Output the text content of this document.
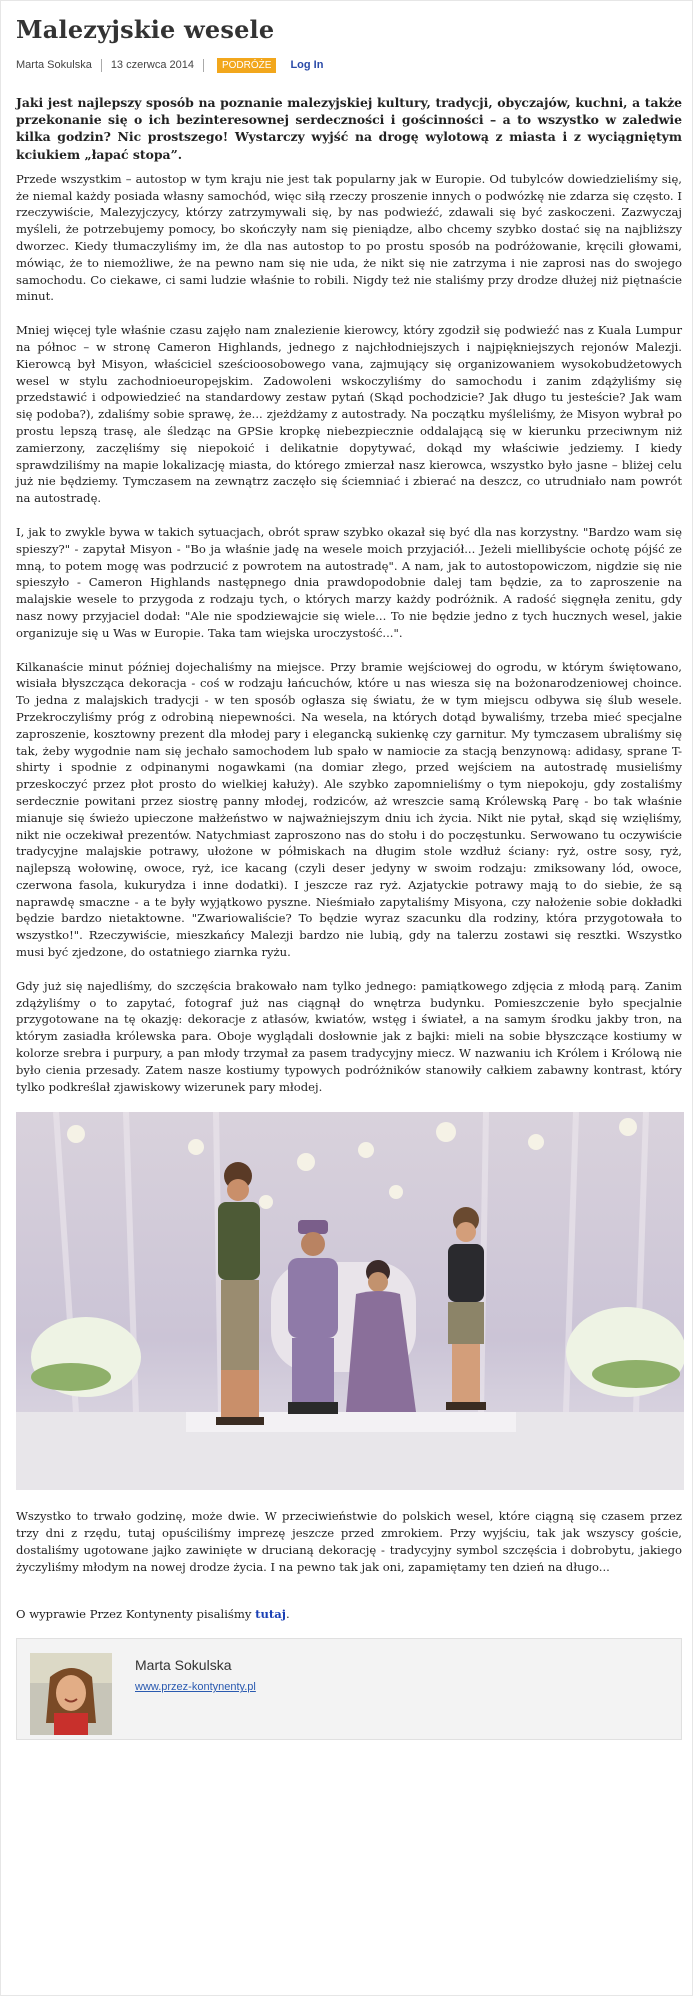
Malezyjskie wesele
Marta Sokulska 13 czerwca 2014	PODRÓŻE	Log In

Jaki jest najlepszy sposób na poznanie malezyjskiej kultury, tradycji, obyczajów, kuchni, a także przekonanie się o ich bezinteresownej serdeczności i gościnności – a to wszystko w zaledwie kilka godzin? Nic prostszego! Wystarczy wyjść na drogę wylotową z miasta i z wyciągniętym kciukiem „łapać stopa”.

Przede wszystkim – autostop w tym kraju nie jest tak popularny jak w Europie. Od tubylców dowiedzieliśmy się, że niemal każdy posiada własny samochód, więc siłą rzeczy proszenie innych o podwózkę nie zdarza się często. I rzeczywiście, Malezyjczycy, którzy zatrzymywali się, by nas podwieźć, zdawali się być zaskoczeni. Zazwyczaj myśleli, że potrzebujemy pomocy, bo skończyły nam się pieniądze, albo chcemy szybko dostać się na najbliższy dworzec. Kiedy tłumaczyliśmy im, że dla nas autostop to po prostu sposób na podróżowanie, kręcili głowami, mówiąc, że to niemożliwe, że na pewno nam się nie uda, że nikt się nie zatrzyma i nie zaprosi nas do swojego samochodu. Co ciekawe, ci sami ludzie właśnie to robili. Nigdy też nie staliśmy przy drodze dłużej niż piętnaście minut.

Mniej więcej tyle właśnie czasu zajęło nam znalezienie kierowcy, który zgodził się podwieźć nas z Kuala Lumpur na północ – w stronę Cameron Highlands, jednego z najchłodniejszych i najpiękniejszych rejonów Malezji. Kierowcą był Misyon, właściciel sześcioosobowego vana, zajmujący się organizowaniem wysokobudżetowych wesel w stylu zachodnioeuropejskim. Zadowoleni wskoczyliśmy do samochodu i zanim zdążyliśmy się przedstawić i odpowiedzieć na standardowy zestaw pytań (Skąd pochodzicie? Jak długo tu jesteście? Jak wam się podoba?), zdaliśmy sobie sprawę, że... zjeżdżamy z autostrady. Na początku myśleliśmy, że Misyon wybrał po prostu lepszą trasę, ale śledząc na GPSie kropkę niebezpiecznie oddalającą się w kierunku przeciwnym niż zamierzony, zaczęliśmy się niepokoić i delikatnie dopytywać, dokąd my właściwie jedziemy. I kiedy sprawdziliśmy na mapie lokalizację miasta, do którego zmierzał nasz kierowca, wszystko było jasne – bliżej celu już nie będziemy. Tymczasem na zewnątrz zaczęło się ściemniać i zbierać na deszcz, co utrudniało nam powrót na autostradę.

I, jak to zwykle bywa w takich sytuacjach, obrót spraw szybko okazał się być dla nas korzystny. "Bardzo wam się spieszy?" - zapytał Misyon - "Bo ja właśnie jadę na wesele moich przyjaciół... Jeżeli miellibyście ochotę pójść ze mną, to potem mogę was podrzucić z powrotem na autostradę". A nam, jak to autostopowiczom, nigdzie się nie spieszyło - Cameron Highlands następnego dnia prawdopodobnie dalej tam będzie, za to zaproszenie na malajskie wesele to przygoda z rodzaju tych, o których marzy każdy podróżnik. A radość sięgnęła zenitu, gdy nasz nowy przyjaciel dodał: "Ale nie spodziewajcie się wiele... To nie będzie jedno z tych hucznych wesel, jakie organizuje się u Was w Europie. Taka tam wiejska uroczystość...".

Kilkanaście minut później dojechaliśmy na miejsce. Przy bramie wejściowej do ogrodu, w którym świętowano, wisiała błyszcząca dekoracja - coś w rodzaju łańcuchów, które u nas wiesza się na bożonarodzeniowej choince. To jedna z malajskich tradycji - w ten sposób ogłasza się światu, że w tym miejscu odbywa się ślub wesele. Przekroczyliśmy próg z odrobiną niepewności. Na wesela, na których dotąd bywaliśmy, trzeba mieć specjalne zaproszenie, kosztowny prezent dla młodej pary i elegancką sukienkę czy garnitur. My tymczasem ubraliśmy się tak, żeby wygodnie nam się jechało samochodem lub spało w namiocie za stacją benzynową: adidasy, sprane T-shirty i spodnie z odpinanymi nogawkami (na domiar złego, przed wejściem na autostradę musieliśmy przeskoczyć przez płot prosto do wielkiej kałuży). Ale szybko zapomnieliśmy o tym niepokoju, gdy zostaliśmy serdecznie powitani przez siostrę panny młodej, rodziców, aż wreszcie samą Królewską Parę - bo tak właśnie mianuje się świeżo upieczone małżeństwo w najważniejszym dniu ich życia. Nikt nie pytał, skąd się wzięliśmy, nikt nie oczekiwał prezentów. Natychmiast zaproszono nas do stołu i do poczęstunku. Serwowano tu oczywiście tradycyjne malajskie potrawy, ułożone w półmiskach na długim stole wzdłuż ściany: ryż, ostre sosy, ryż, najlepszą wołowinę, owoce, ryż, ice kacang (czyli deser jedyny w swoim rodzaju: zmiksowany lód, owoce, czerwona fasola, kukurydza i inne dodatki). I jeszcze raz ryż. Azjatyckie potrawy mają to do siebie, że są naprawdę smaczne - a te były wyjątkowo pyszne. Nieśmiało zapytaliśmy Misyona, czy nałożenie sobie dokładki będzie bardzo nietaktowne. "Zwariowaliście? To będzie wyraz szacunku dla rodziny, która przygotowała to wszystko!". Rzeczywiście, mieszkańcy Malezji bardzo nie lubią, gdy na talerzu zostawi się resztki. Wszystko musi być zjedzone, do ostatniego ziarnka ryżu.

Gdy już się najedliśmy, do szczęścia brakowało nam tylko jednego: pamiątkowego zdjęcia z młodą parą. Zanim zdążyliśmy o to zapytać, fotograf już nas ciągnął do wnętrza budynku. Pomieszczenie było specjalnie przygotowane na tę okazję: dekoracje z atłasów, kwiatów, wstęg i świateł, a na samym środku jakby tron, na którym zasiadła królewska para. Oboje wyglądali dosłownie jak z bajki: mieli na sobie błyszczące kostiumy w kolorze srebra i purpury, a pan młody trzymał za pasem tradycyjny miecz. W nazwaniu ich Królem i Królową nie było cienia przesady. Zatem nasze kostiumy typowych podróżników stanowiły całkiem zabawny kontrast, który tylko podkreślał zjawiskowy wizerunek pary młodej.

Wszystko to trwało godzinę, może dwie. W przeciwieństwie do polskich wesel, które ciągną się czasem przez trzy dni z rzędu, tutaj opuściliśmy imprezę jeszcze przed zmrokiem. Przy wyjściu, tak jak wszyscy goście, dostaliśmy ugotowane jajko zawinięte w drucianą dekorację - tradycyjny symbol szczęścia i dobrobytu, jakiego życzyliśmy młodym na nowej drodze życia. I na pewno tak jak oni, zapamiętamy ten dzień na długo...

O wyprawie Przez Kontynenty pisaliśmy tutaj.

Marta Sokulska
www.przez-kontynenty.pl
